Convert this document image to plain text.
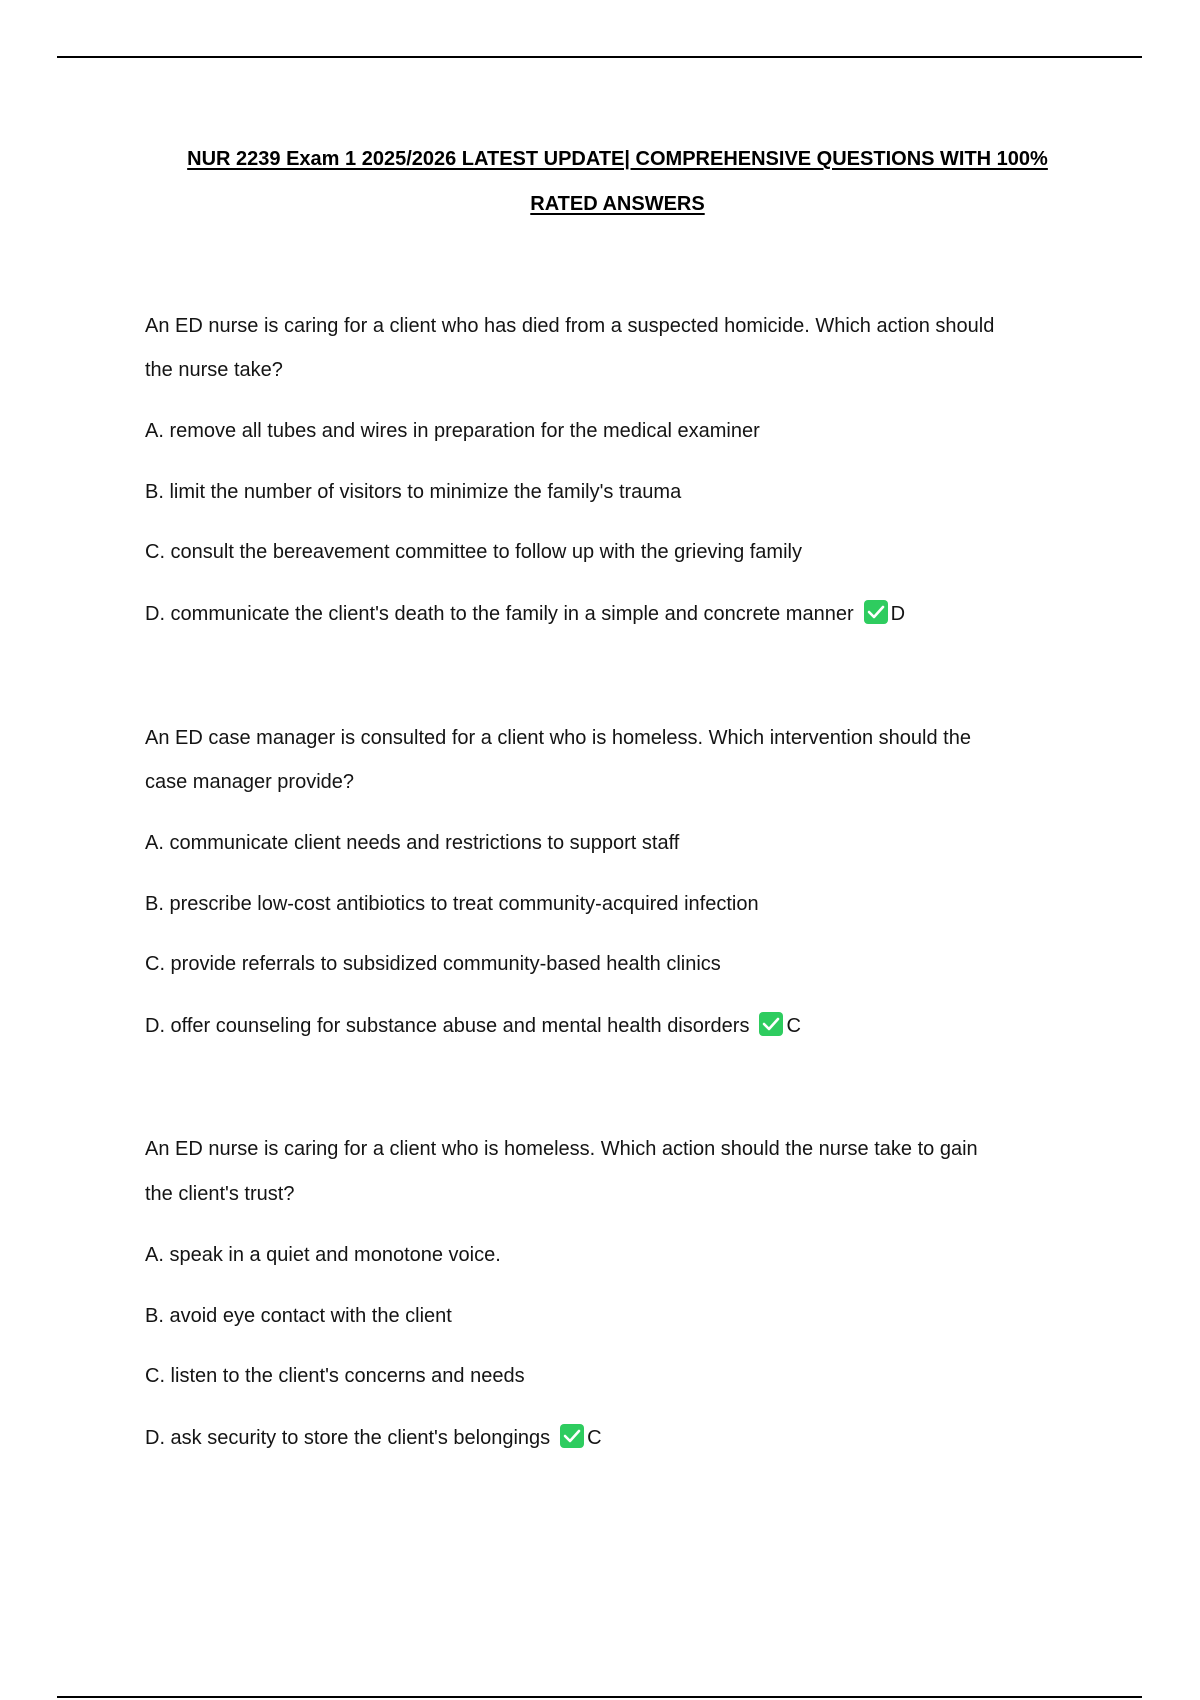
NUR 2239 Exam 1 2025/2026 LATEST UPDATE| COMPREHENSIVE QUESTIONS WITH 100%
RATED ANSWERS
An ED nurse is caring for a client who has died from a suspected homicide. Which action should
the nurse take?
A. remove all tubes and wires in preparation for the medical examiner
B. limit the number of visitors to minimize the family's trauma
C. consult the bereavement committee to follow up with the grieving family
D. communicate the client's death to the family in a simple and concrete manner D
An ED case manager is consulted for a client who is homeless. Which intervention should the
case manager provide?
A. communicate client needs and restrictions to support staff
B. prescribe low-cost antibiotics to treat community-acquired infection
C. provide referrals to subsidized community-based health clinics
D. offer counseling for substance abuse and mental health disorders C
An ED nurse is caring for a client who is homeless. Which action should the nurse take to gain
the client's trust?
A. speak in a quiet and monotone voice.
B. avoid eye contact with the client
C. listen to the client's concerns and needs
D. ask security to store the client's belongings C
